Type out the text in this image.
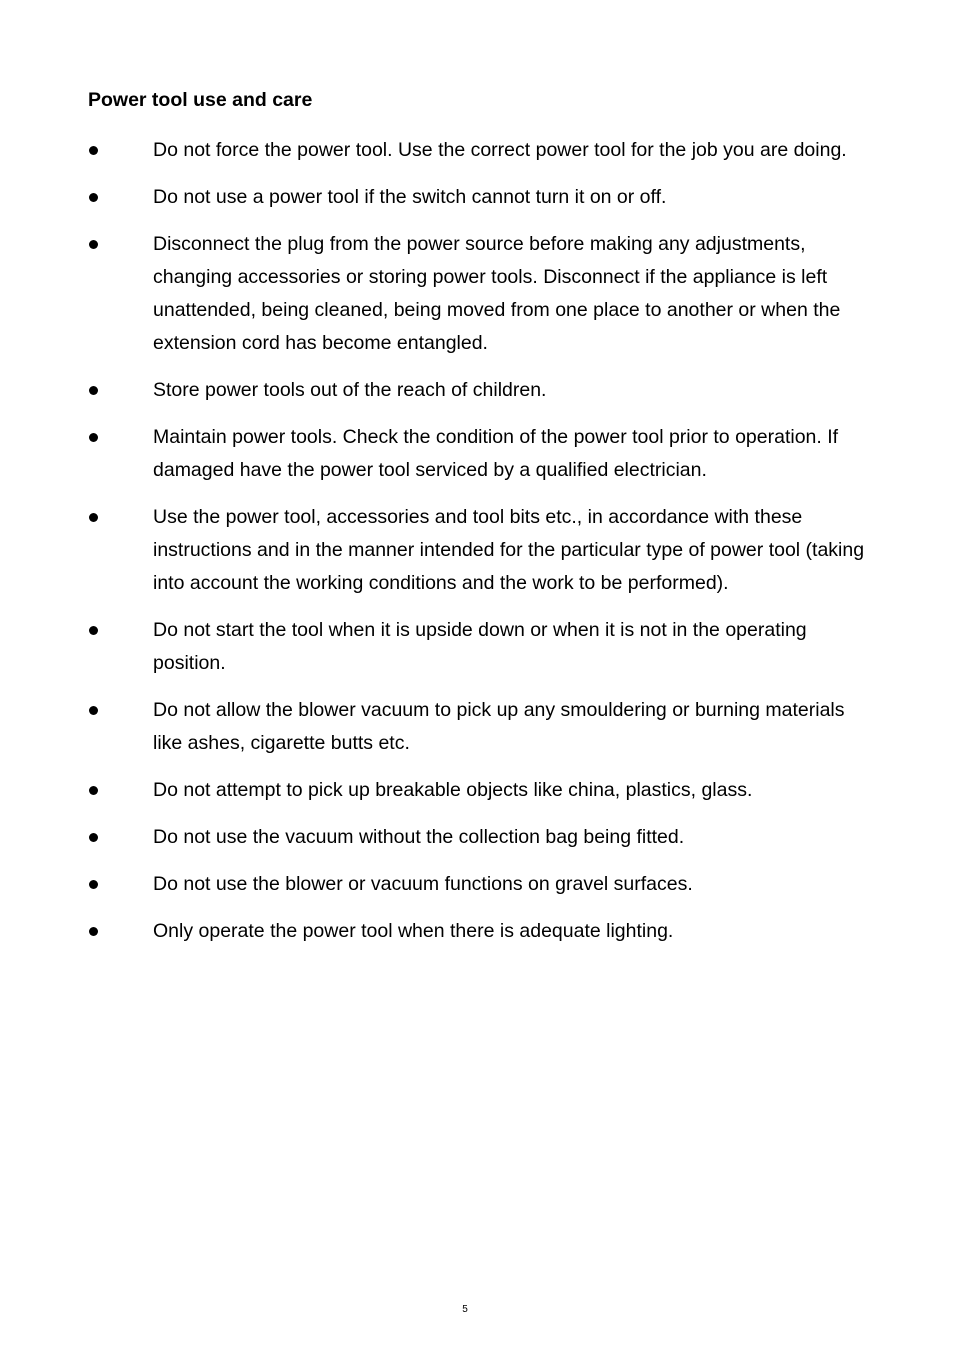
Power tool use and care
Do not force the power tool. Use the correct power tool for the job you are doing.
Do not use a power tool if the switch cannot turn it on or off.
Disconnect the plug from the power source before making any adjustments, changing accessories or storing power tools. Disconnect if the appliance is left unattended, being cleaned, being moved from one place to another or when the extension cord has become entangled.
Store power tools out of the reach of children.
Maintain power tools. Check the condition of the power tool prior to operation. If damaged have the power tool serviced by a qualified electrician.
Use the power tool, accessories and tool bits etc., in accordance with these instructions and in the manner intended for the particular type of power tool (taking into account the working conditions and the work to be performed).
Do not start the tool when it is upside down or when it is not in the operating position.
Do not allow the blower vacuum to pick up any smouldering or burning materials like ashes, cigarette butts etc.
Do not attempt to pick up breakable objects like china, plastics, glass.
Do not use the vacuum without the collection bag being fitted.
Do not use the blower or vacuum functions on gravel surfaces.
Only operate the power tool when there is adequate lighting.
5
